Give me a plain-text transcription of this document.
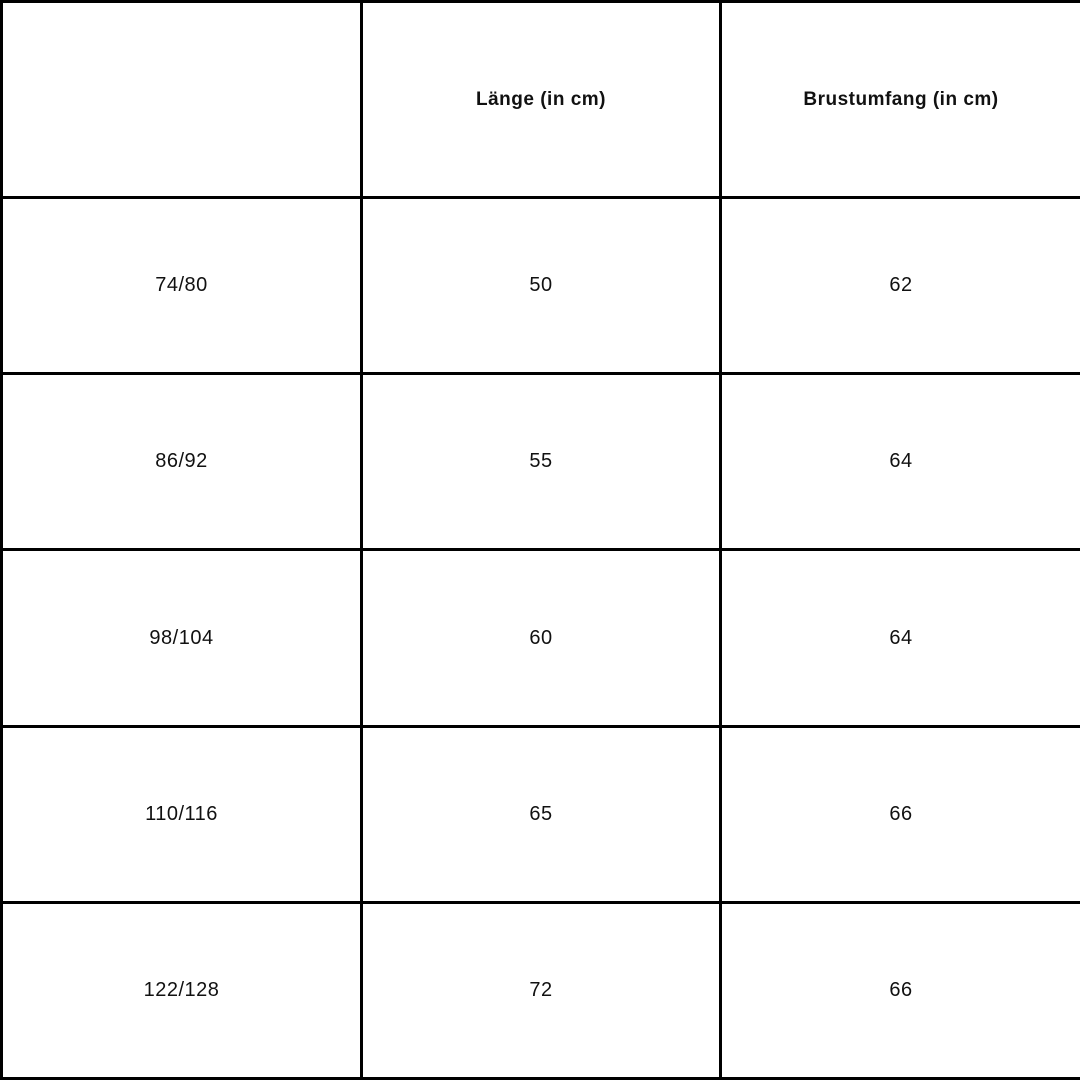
	Länge (in cm)	Brustumfang (in cm)
74/80	50	62
86/92	55	64
98/104	60	64
110/116	65	66
122/128	72	66
